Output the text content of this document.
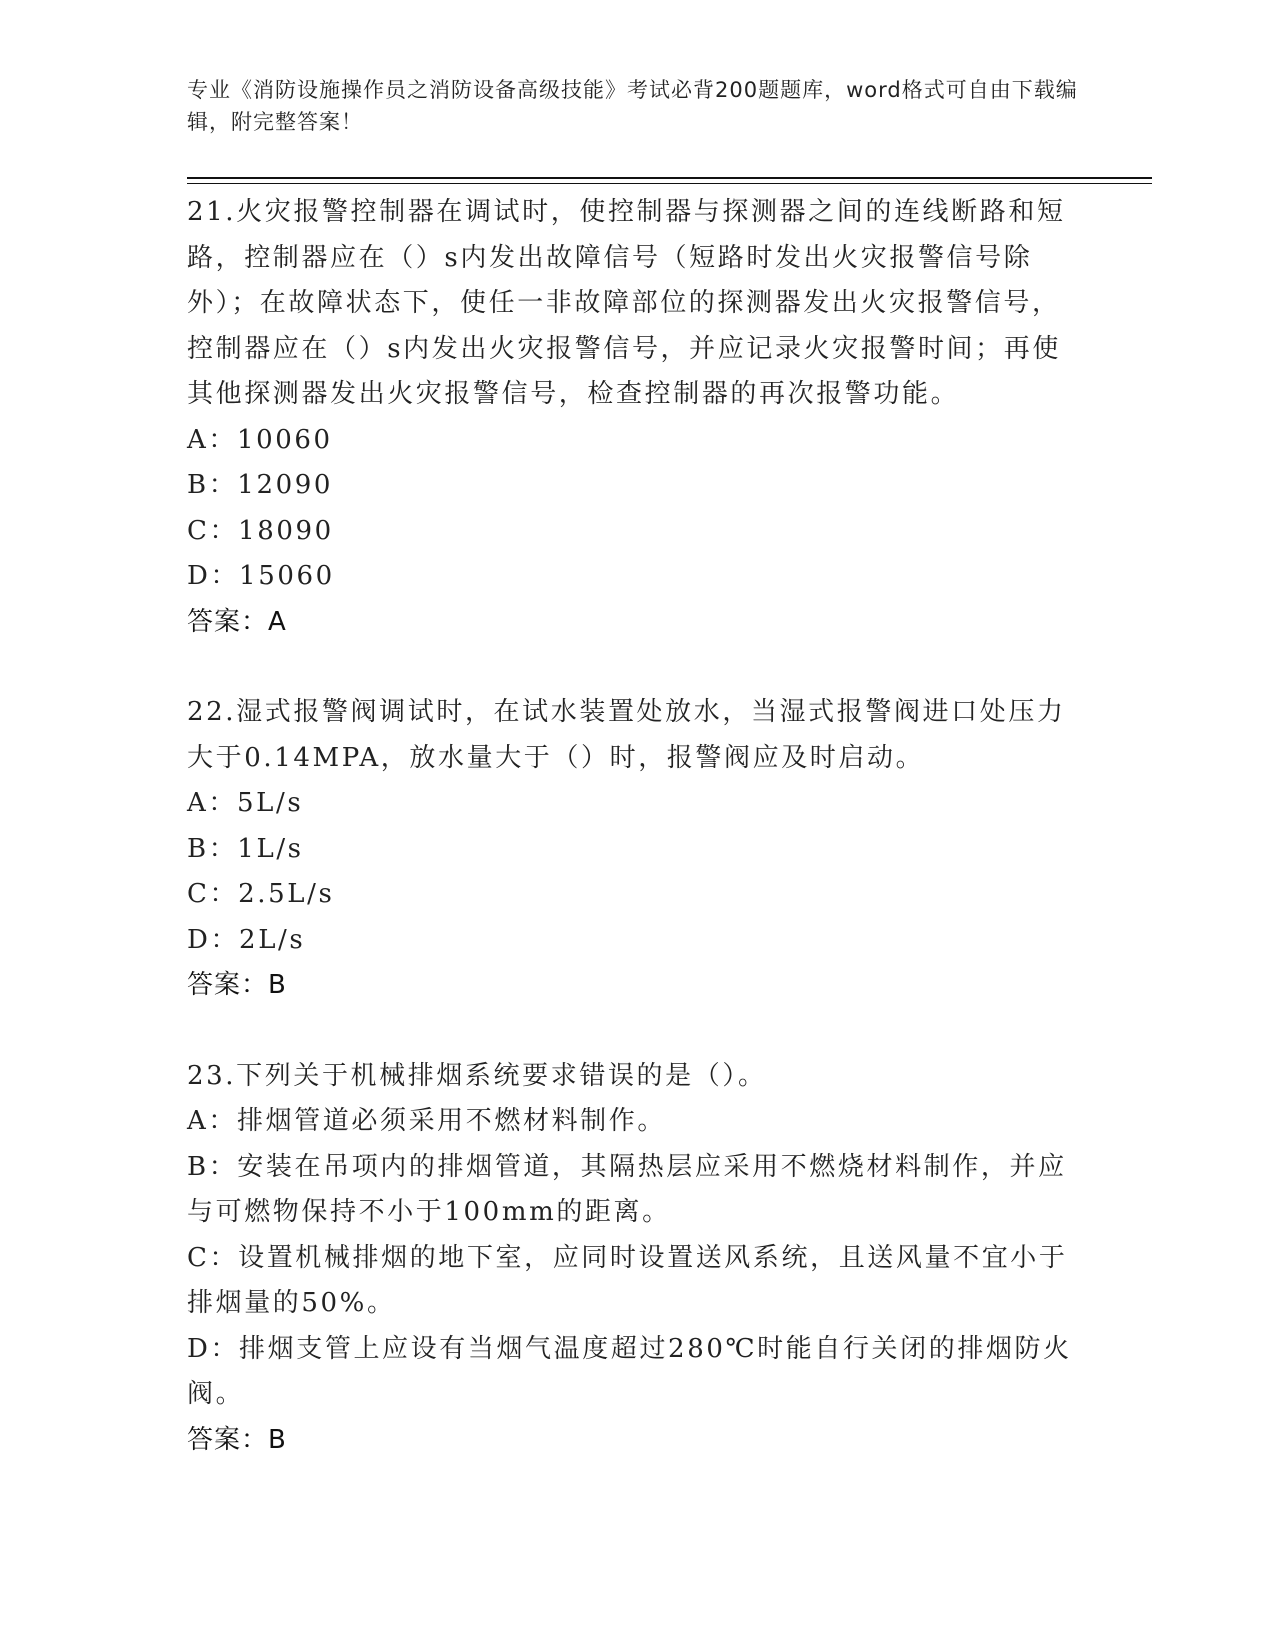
专业《消防设施操作员之消防设备高级技能》考试必背200题题库，word格式可自由下载编辑，附完整答案！

21.火灾报警控制器在调试时，使控制器与探测器之间的连线断路和短路，控制器应在（）s内发出故障信号（短路时发出火灾报警信号除外）；在故障状态下，使任一非故障部位的探测器发出火灾报警信号，控制器应在（）s内发出火灾报警信号，并应记录火灾报警时间；再使其他探测器发出火灾报警信号，检查控制器的再次报警功能。

A：10060

B：12090

C：18090

D：15060

答案：A

22.湿式报警阀调试时，在试水装置处放水，当湿式报警阀进口处压力大于0.14MPA，放水量大于（）时，报警阀应及时启动。

A：5L/s

B：1L/s

C：2.5L/s

D：2L/s

答案：B

23.下列关于机械排烟系统要求错误的是（）。

A：排烟管道必须采用不燃材料制作。

B：安装在吊项内的排烟管道，其隔热层应采用不燃烧材料制作，并应与可燃物保持不小于100mm的距离。

C：设置机械排烟的地下室，应同时设置送风系统，且送风量不宜小于排烟量的50%。

D：排烟支管上应设有当烟气温度超过280℃时能自行关闭的排烟防火阀。

答案：B
